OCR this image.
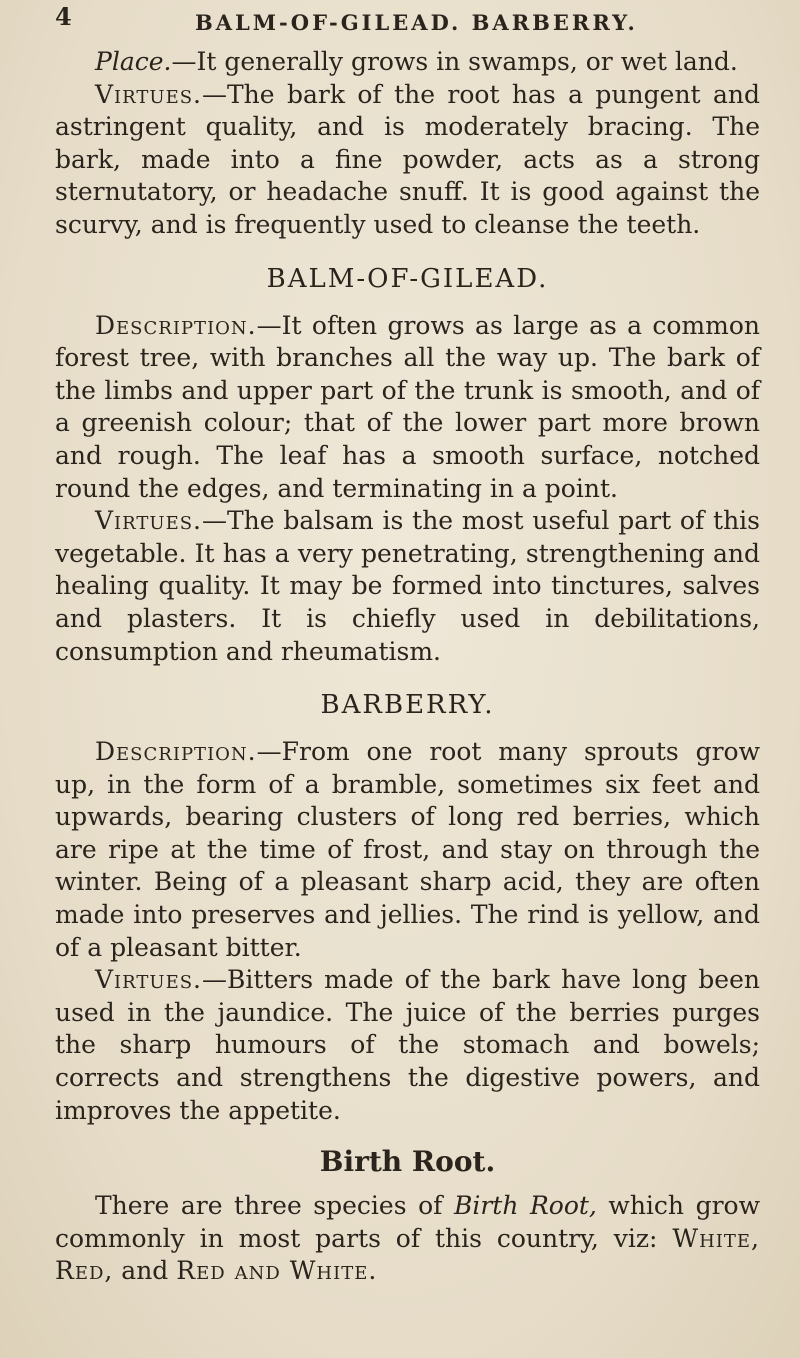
4	BALM-OF-GILEAD. BARBERRY.

Place.—It generally grows in swamps, or wet land.

Virtues.—The bark of the root has a pungent and astringent quality, and is moderately bracing. The bark, made into a fine powder, acts as a strong sternutatory, or headache snuff. It is good against the scurvy, and is frequently used to cleanse the teeth.

BALM-OF-GILEAD.

Description.—It often grows as large as a common forest tree, with branches all the way up. The bark of the limbs and upper part of the trunk is smooth, and of a greenish colour; that of the lower part more brown and rough. The leaf has a smooth surface, notched round the edges, and terminating in a point.

Virtues.—The balsam is the most useful part of this vegetable. It has a very penetrating, strengthening and healing quality. It may be formed into tinctures, salves and plasters. It is chiefly used in debilitations, consumption and rheumatism.

BARBERRY.

Description.—From one root many sprouts grow up, in the form of a bramble, sometimes six feet and upwards, bearing clusters of long red berries, which are ripe at the time of frost, and stay on through the winter. Being of a pleasant sharp acid, they are often made into preserves and jellies. The rind is yellow, and of a pleasant bitter.

Virtues.—Bitters made of the bark have long been used in the jaundice. The juice of the berries purges the sharp humours of the stomach and bowels; corrects and strengthens the digestive powers, and improves the appetite.

Birth Root.

There are three species of Birth Root, which grow commonly in most parts of this country, viz: White, Red, and Red and White.
